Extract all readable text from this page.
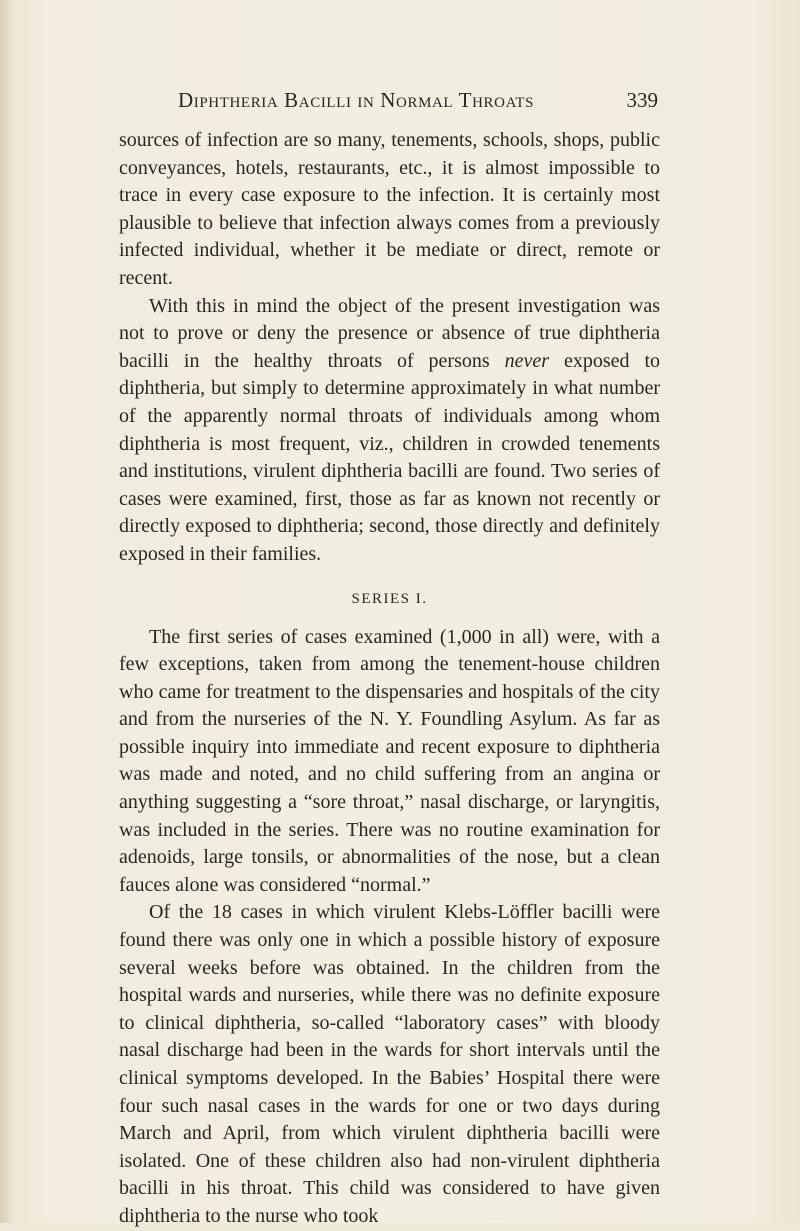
Diphtheria Bacilli in Normal Throats	339

sources of infection are so many, tenements, schools, shops, public conveyances, hotels, restaurants, etc., it is almost impossible to trace in every case exposure to the infection. It is certainly most plausible to believe that infection always comes from a previously infected individual, whether it be mediate or direct, remote or recent.

With this in mind the object of the present investigation was not to prove or deny the presence or absence of true diphtheria bacilli in the healthy throats of persons never exposed to diphtheria, but simply to determine approximately in what number of the apparently normal throats of individuals among whom diphtheria is most frequent, viz., children in crowded tenements and institutions, virulent diphtheria bacilli are found. Two series of cases were examined, first, those as far as known not recently or directly exposed to diphtheria; second, those directly and definitely exposed in their families.

SERIES I.

The first series of cases examined (1,000 in all) were, with a few exceptions, taken from among the tenement-house children who came for treatment to the dispensaries and hospitals of the city and from the nurseries of the N. Y. Foundling Asylum. As far as possible inquiry into immediate and recent exposure to diphtheria was made and noted, and no child suffering from an angina or anything suggesting a “sore throat,” nasal discharge, or laryngitis, was included in the series. There was no routine examination for adenoids, large tonsils, or abnormalities of the nose, but a clean fauces alone was considered “normal.”

Of the 18 cases in which virulent Klebs-Löffler bacilli were found there was only one in which a possible history of exposure several weeks before was obtained. In the children from the hospital wards and nurseries, while there was no definite exposure to clinical diphtheria, so-called “laboratory cases” with bloody nasal discharge had been in the wards for short intervals until the clinical symptoms developed. In the Babies’ Hospital there were four such nasal cases in the wards for one or two days during March and April, from which virulent diphtheria bacilli were isolated. One of these children also had non-virulent diphtheria bacilli in his throat. This child was considered to have given diphtheria to the nurse who took
